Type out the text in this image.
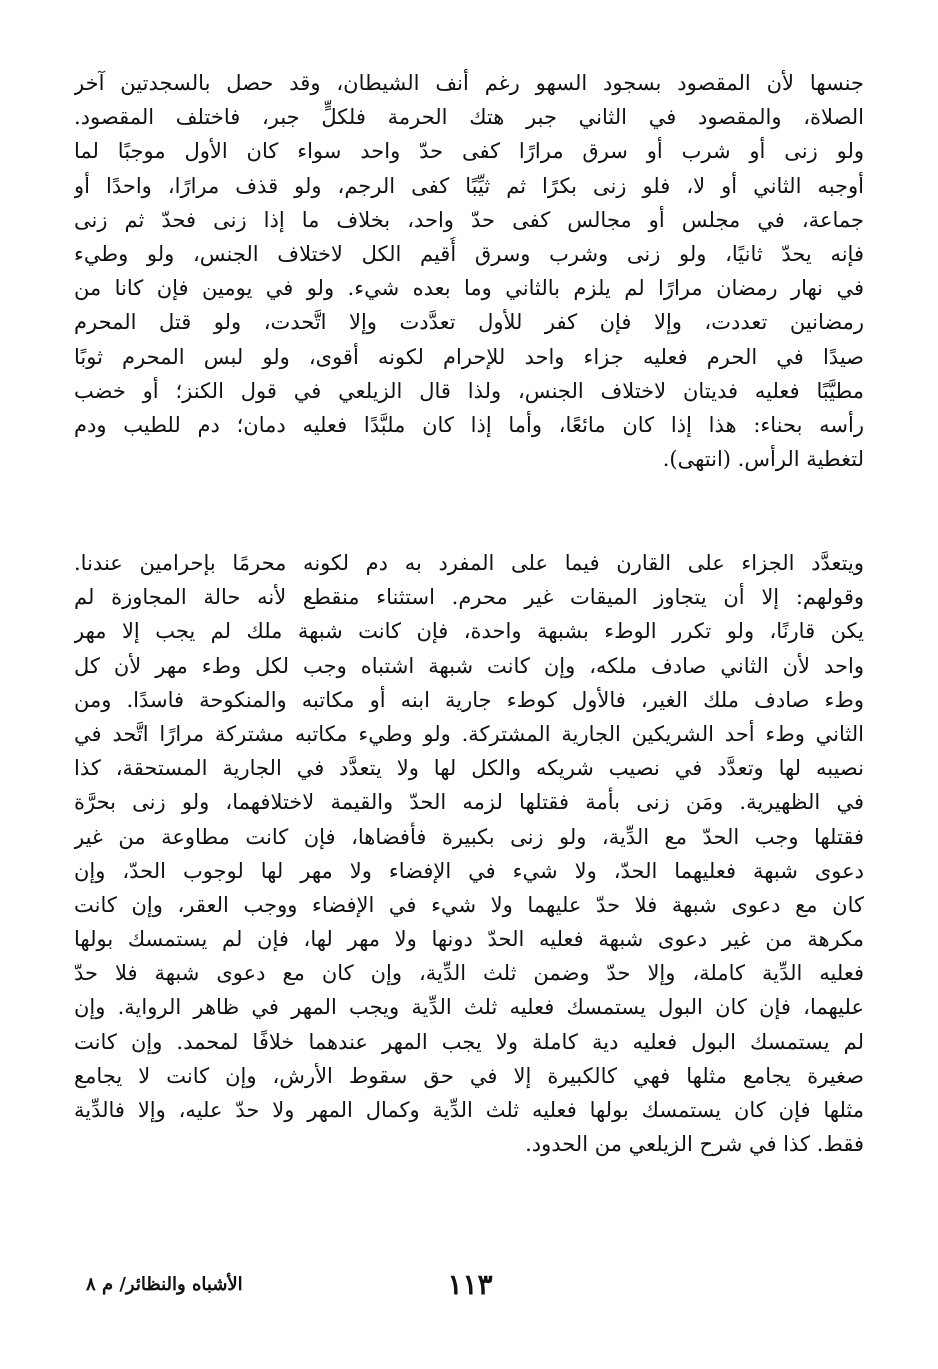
جنسها لأن المقصود بسجود السهو رغم أنف الشيطان، وقد حصل بالسجدتين آخر
الصلاة، والمقصود في الثاني جبر هتك الحرمة فلكلٍّ جبر، فاختلف المقصود.
ولو زنى أو شرب أو سرق مرارًا كفى حدّ واحد سواء كان الأول موجبًا لما
أوجبه الثاني أو لا، فلو زنى بكرًا ثم ثيِّبًا كفى الرجم، ولو قذف مرارًا، واحدًا أو
جماعة، في مجلس أو مجالس كفى حدّ واحد، بخلاف ما إذا زنى فحدّ ثم زنى
فإنه يحدّ ثانيًا، ولو زنى وشرب وسرق أُقيم الكل لاختلاف الجنس، ولو وطيء
في نهار رمضان مرارًا لم يلزم بالثاني وما بعده شيء. ولو في يومين فإن كانا من
رمضانين تعددت، وإلا فإن كفر للأول تعدَّدت وإلا اتَّحدت، ولو قتل المحرم
صيدًا في الحرم فعليه جزاء واحد للإحرام لكونه أقوى، ولو لبس المحرم ثوبًا
مطيَّبًا فعليه فديتان لاختلاف الجنس، ولذا قال الزيلعي في قول الكنز؛ أو خضب
رأسه بحناء: هذا إذا كان مائعًا، وأما إذا كان ملبَّدًا فعليه دمان؛ دم للطيب ودم
لتغطية الرأس. (انتهى).
ويتعدَّد الجزاء على القارن فيما على المفرد به دم لكونه محرمًا بإحرامين عندنا.
وقولهم: إلا أن يتجاوز الميقات غير محرم. استثناء منقطع لأنه حالة المجاوزة لم
يكن قارنًا، ولو تكرر الوطء بشبهة واحدة، فإن كانت شبهة ملك لم يجب إلا مهر
واحد لأن الثاني صادف ملكه، وإن كانت شبهة اشتباه وجب لكل وطء مهر لأن كل
وطء صادف ملك الغير، فالأول كوطء جارية ابنه أو مكاتبه والمنكوحة فاسدًا. ومن
الثاني وطء أحد الشريكين الجارية المشتركة. ولو وطيء مكاتبه مشتركة مرارًا اتَّحد في
نصيبه لها وتعدَّد في نصيب شريكه والكل لها ولا يتعدَّد في الجارية المستحقة، كذا
في الظهيرية. ومَن زنى بأمة فقتلها لزمه الحدّ والقيمة لاختلافهما، ولو زنى بحرَّة
فقتلها وجب الحدّ مع الدِّية، ولو زنى بكبيرة فأفضاها، فإن كانت مطاوعة من غير
دعوى شبهة فعليهما الحدّ، ولا شيء في الإفضاء ولا مهر لها لوجوب الحدّ، وإن
كان مع دعوى شبهة فلا حدّ عليهما ولا شيء في الإفضاء ووجب العقر، وإن كانت
مكرهة من غير دعوى شبهة فعليه الحدّ دونها ولا مهر لها، فإن لم يستمسك بولها
فعليه الدِّية كاملة، وإلا حدّ وضمن ثلث الدِّية، وإن كان مع دعوى شبهة فلا حدّ
عليهما، فإن كان البول يستمسك فعليه ثلث الدِّية ويجب المهر في ظاهر الرواية. وإن
لم يستمسك البول فعليه دية كاملة ولا يجب المهر عندهما خلافًا لمحمد. وإن كانت
صغيرة يجامع مثلها فهي كالكبيرة إلا في حق سقوط الأرش، وإن كانت لا يجامع
مثلها فإن كان يستمسك بولها فعليه ثلث الدِّية وكمال المهر ولا حدّ عليه، وإلا فالدِّية
فقط. كذا في شرح الزيلعي من الحدود.
١١٣
الأشباه والنظائر/ م ٨
